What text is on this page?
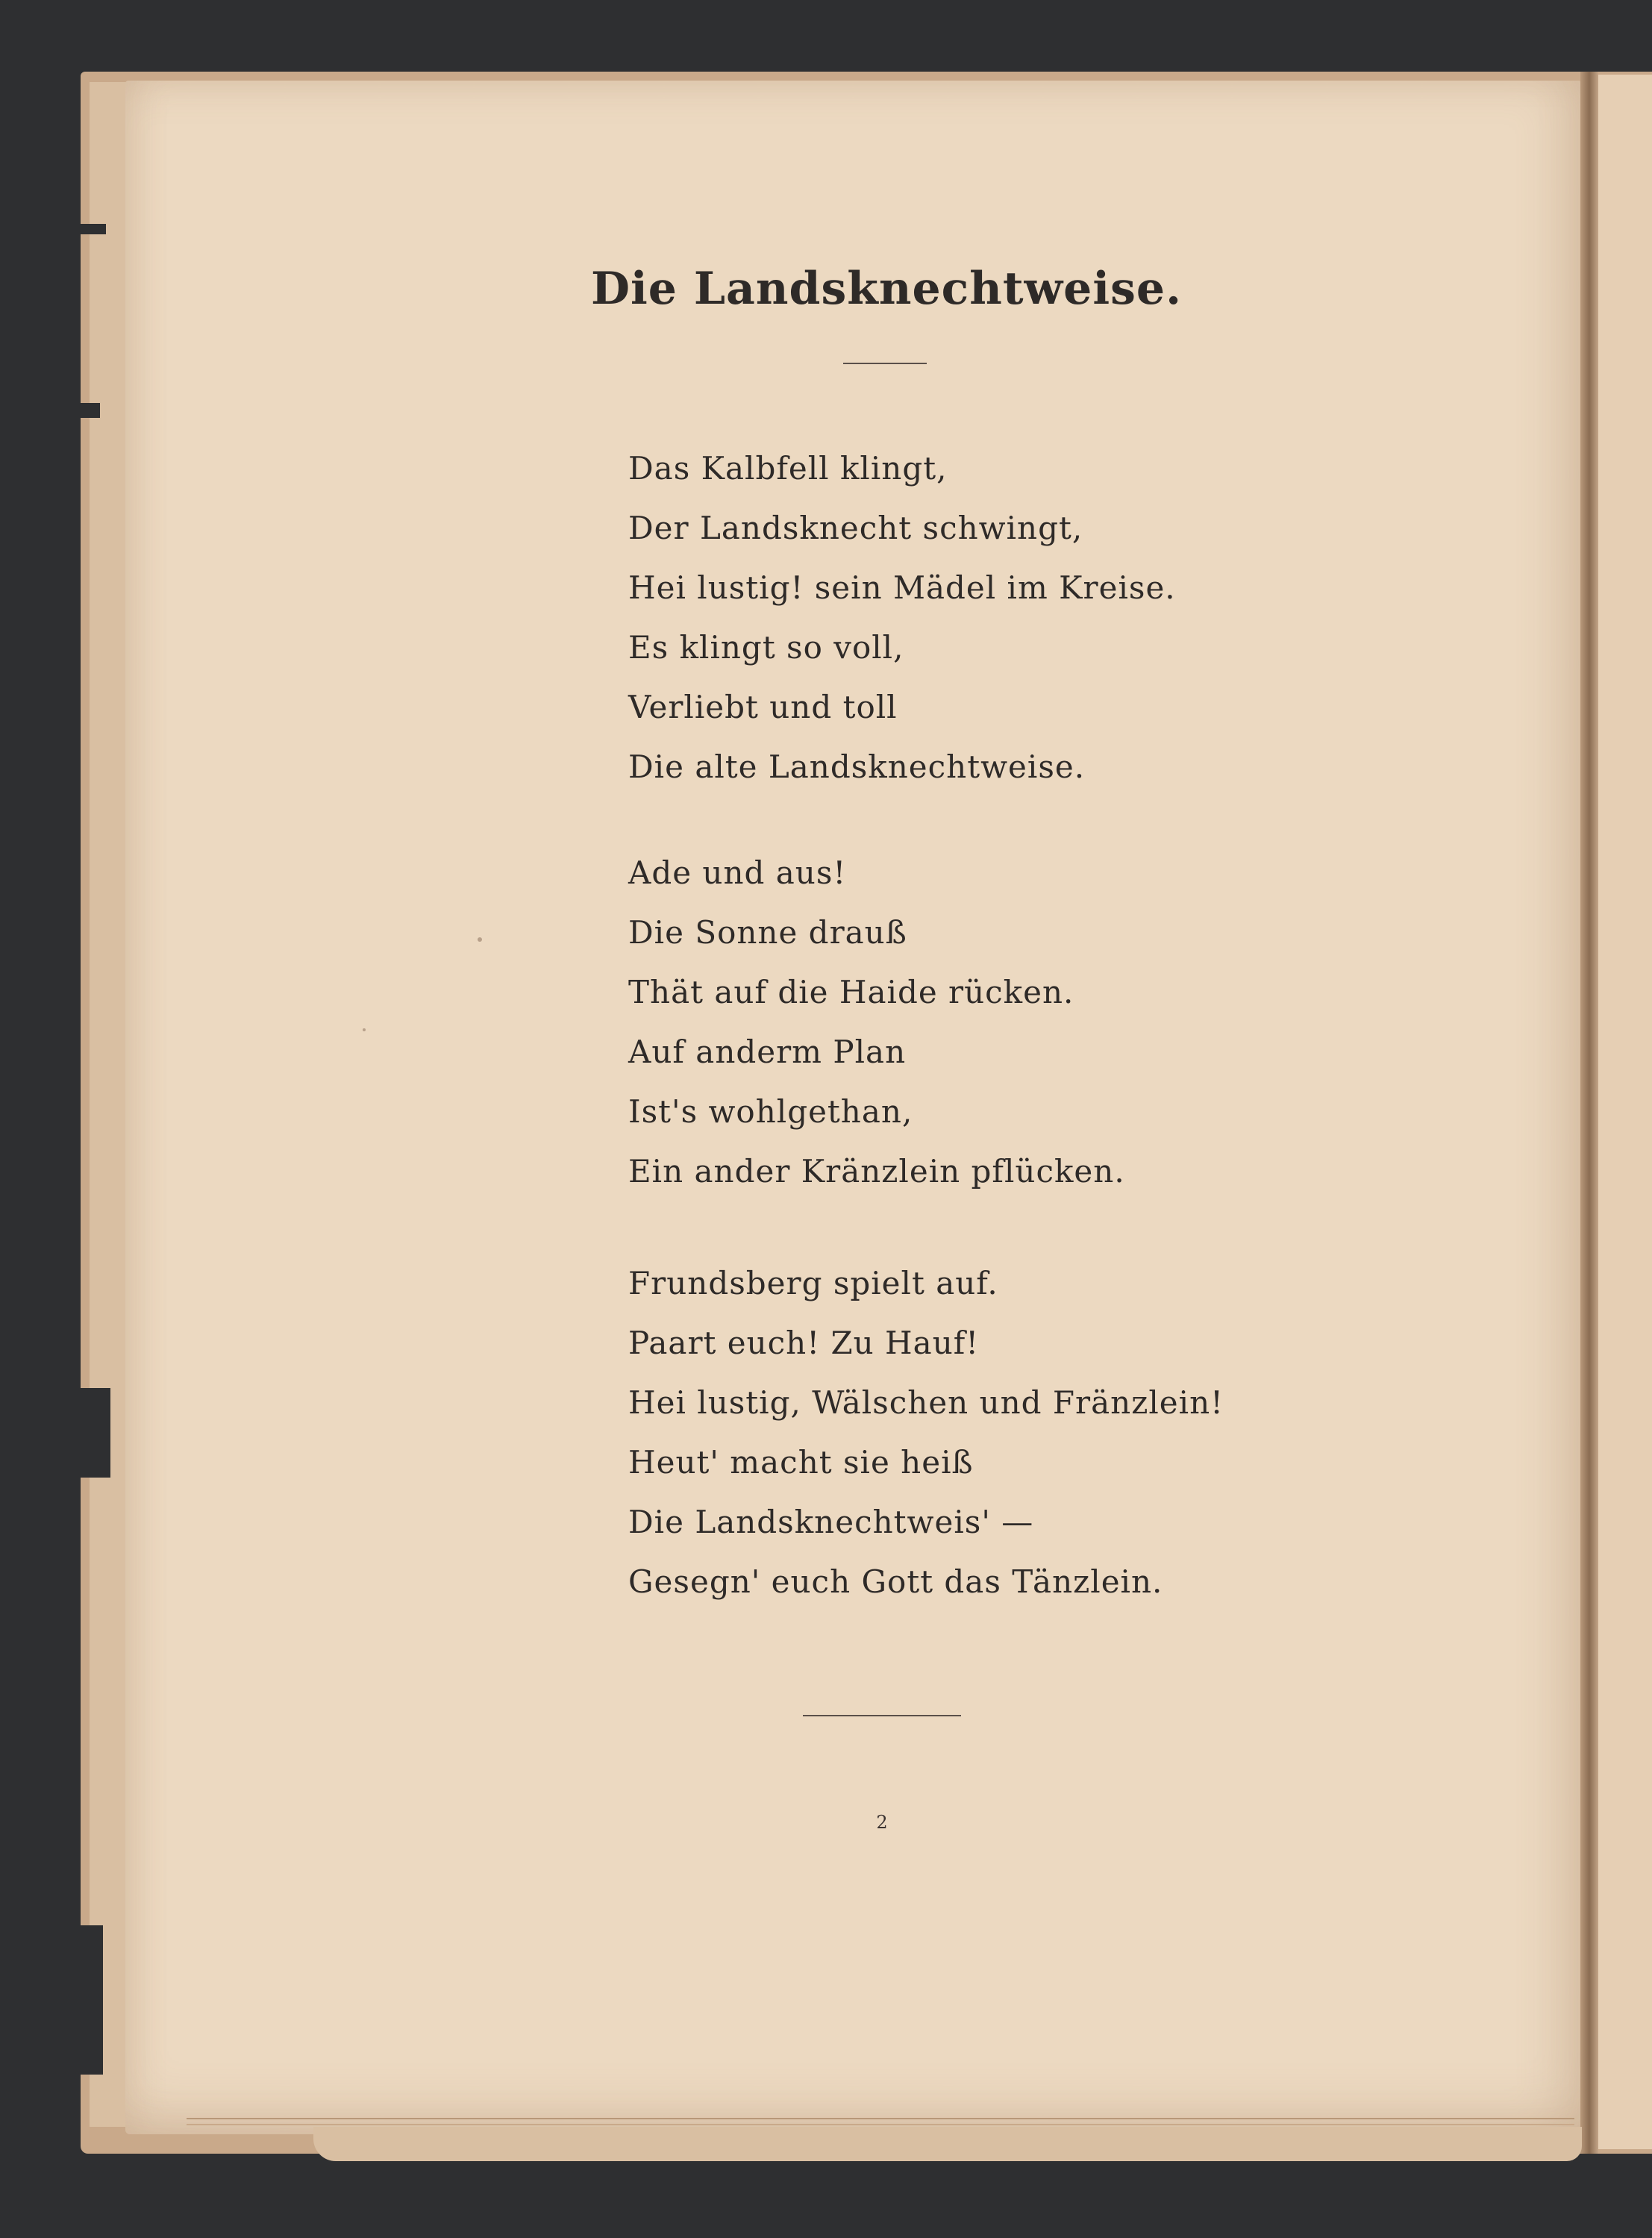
Die Landsknechtweise.
Das Kalbfell klingt,
Der Landsknecht schwingt,
Hei lustig! sein Mädel im Kreise.
Es klingt so voll,
Verliebt und toll
Die alte Landsknechtweise.
Ade und aus!
Die Sonne drauß
Thät auf die Haide rücken.
Auf anderm Plan
Ist's wohlgethan,
Ein ander Kränzlein pflücken.
Frundsberg spielt auf.
Paart euch! Zu Hauf!
Hei lustig, Wälschen und Fränzlein!
Heut' macht sie heiß
Die Landsknechtweis' —
Gesegn' euch Gott das Tänzlein.
2
